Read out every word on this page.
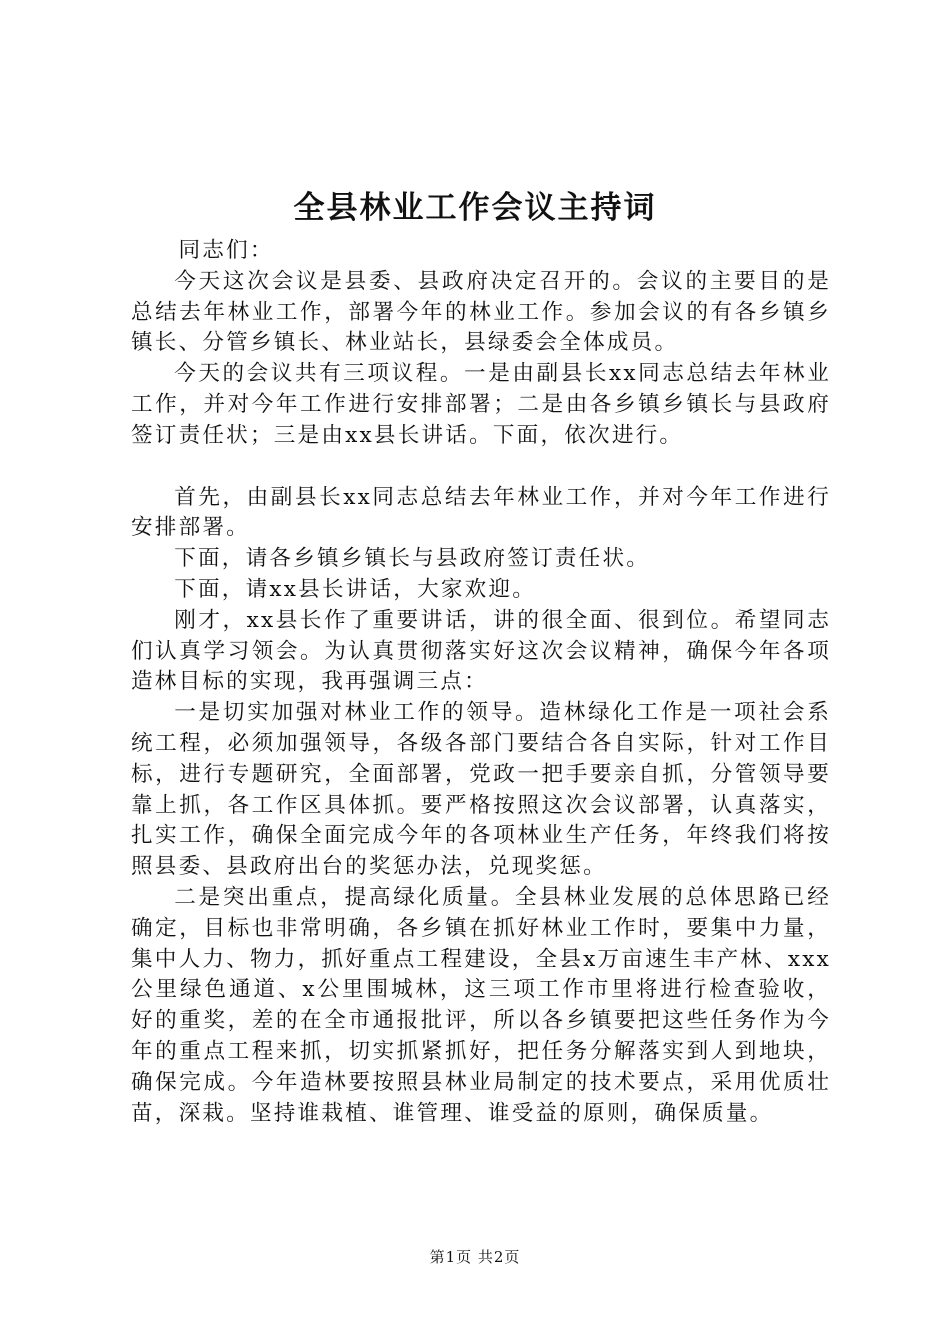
全县林业工作会议主持词

同志们：

今天这次会议是县委、县政府决定召开的。会议的主要目的是总结去年林业工作，部署今年的林业工作。参加会议的有各乡镇乡镇长、分管乡镇长、林业站长，县绿委会全体成员。

今天的会议共有三项议程。一是由副县长xx同志总结去年林业工作，并对今年工作进行安排部署；二是由各乡镇乡镇长与县政府签订责任状；三是由xx县长讲话。下面，依次进行。

首先，由副县长xx同志总结去年林业工作，并对今年工作进行安排部署。

下面，请各乡镇乡镇长与县政府签订责任状。

下面，请xx县长讲话，大家欢迎。

刚才，xx县长作了重要讲话，讲的很全面、很到位。希望同志们认真学习领会。为认真贯彻落实好这次会议精神，确保今年各项造林目标的实现，我再强调三点：

一是切实加强对林业工作的领导。造林绿化工作是一项社会系统工程，必须加强领导，各级各部门要结合各自实际，针对工作目标，进行专题研究，全面部署，党政一把手要亲自抓，分管领导要靠上抓，各工作区具体抓。要严格按照这次会议部署，认真落实，扎实工作，确保全面完成今年的各项林业生产任务，年终我们将按照县委、县政府出台的奖惩办法，兑现奖惩。

二是突出重点，提高绿化质量。全县林业发展的总体思路已经确定，目标也非常明确，各乡镇在抓好林业工作时，要集中力量，集中人力、物力，抓好重点工程建设，全县x万亩速生丰产林、xxx公里绿色通道、x公里围城林，这三项工作市里将进行检查验收，好的重奖，差的在全市通报批评，所以各乡镇要把这些任务作为今年的重点工程来抓，切实抓紧抓好，把任务分解落实到人到地块，确保完成。今年造林要按照县林业局制定的技术要点，采用优质壮苗，深栽。坚持谁栽植、谁管理、谁受益的原则，确保质量。

第1页 共2页
